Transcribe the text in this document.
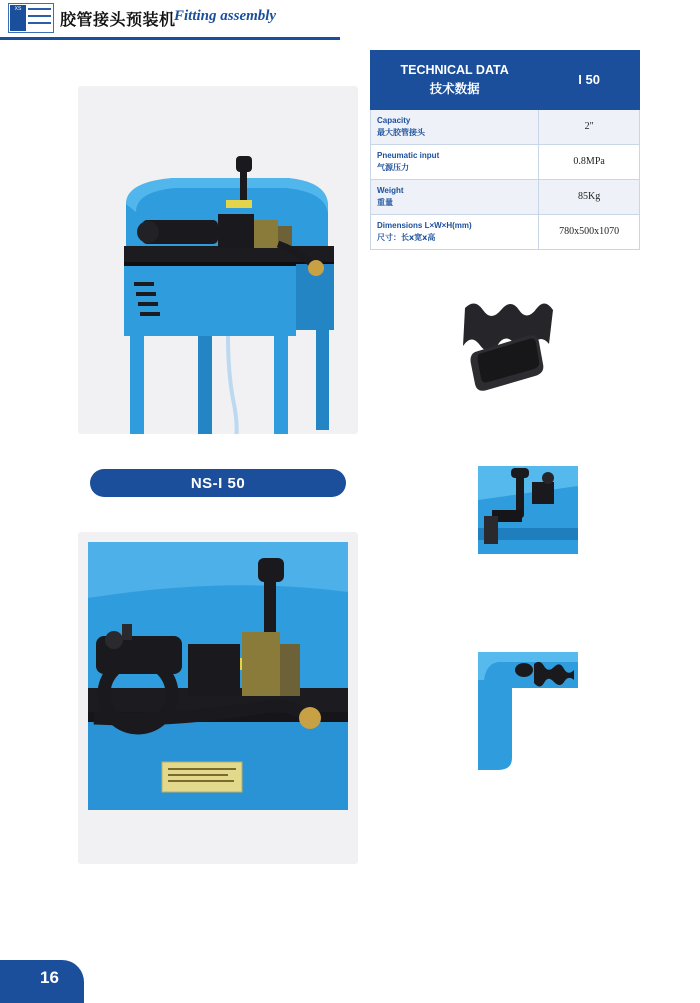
XS
胶管接头预装机
Fitting assembly
TECHNICAL DATA
技术数据	I 50
Capacity
最大胶管接头	2"
Pneumatic input
气源压力	0.8MPa
Weight
重量	85Kg
Dimensions L×W×H(mm)
尺寸：长x宽x高	780x500x1070
NS-I 50
16
